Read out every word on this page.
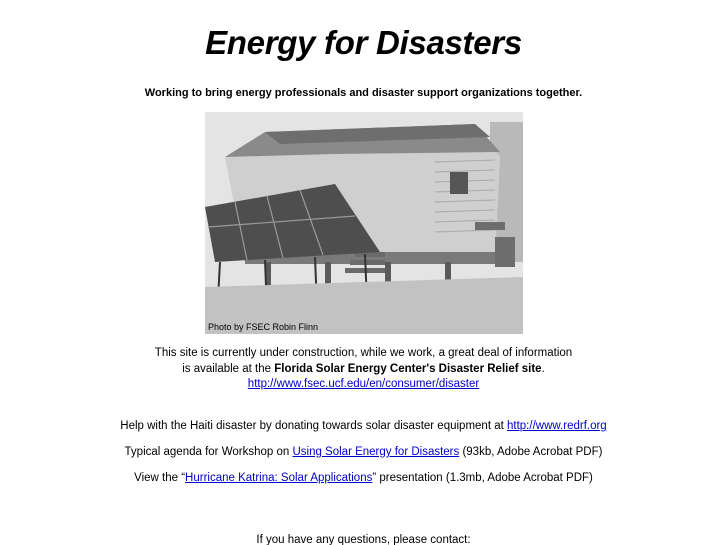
Energy for Disasters
Working to bring energy professionals and disaster support organizations together.
Photo by FSEC Robin Flinn
This site is currently under construction, while we work, a great deal of information
is available at the Florida Solar Energy Center's Disaster Relief site.
http://www.fsec.ucf.edu/en/consumer/disaster
Help with the Haiti disaster by donating towards solar disaster equipment at http://www.redrf.org
Typical agenda for Workshop on Using Solar Energy for Disasters (93kb, Adobe Acrobat PDF)
View the “Hurricane Katrina: Solar Applications” presentation (1.3mb, Adobe Acrobat PDF)
If you have any questions, please contact:
